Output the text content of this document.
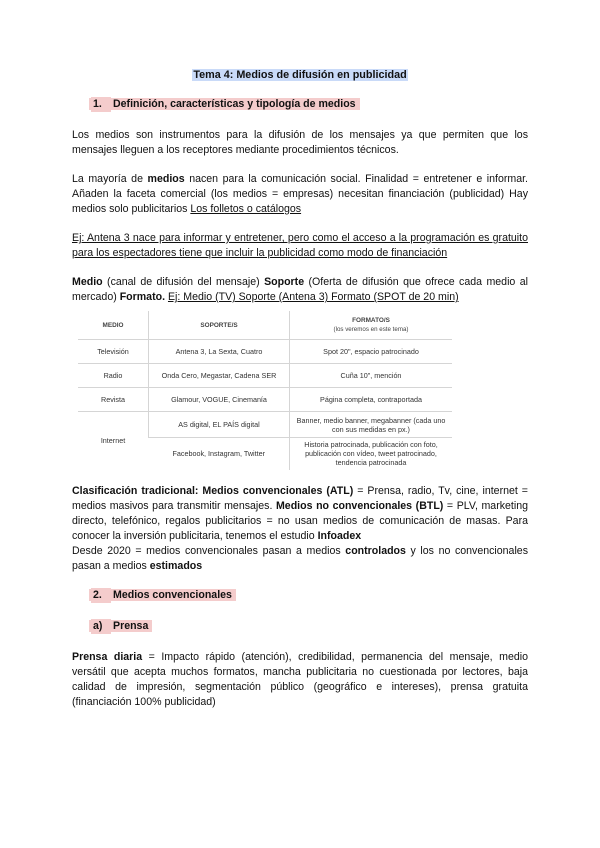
Tema 4: Medios de difusión en publicidad
1. Definición, características y tipología de medios

Los medios son instrumentos para la difusión de los mensajes ya que permiten que los mensajes lleguen a los receptores mediante procedimientos técnicos.

La mayoría de medios nacen para la comunicación social. Finalidad = entretener e informar. Añaden la faceta comercial (los medios = empresas) necesitan financiación (publicidad) Hay medios solo publicitarios Los folletos o catálogos

Ej: Antena 3 nace para informar y entretener, pero como el acceso a la programación es gratuito para los espectadores tiene que incluir la publicidad como modo de financiación

Medio (canal de difusión del mensaje) Soporte (Oferta de difusión que ofrece cada medio al mercado) Formato. Ej: Medio (TV) Soporte (Antena 3) Formato (SPOT de 20 min)

MEDIO	SOPORTE/S	FORMATO/S
(los veremos en este tema)

Televisión	Antena 3, La Sexta, Cuatro	Spot 20", espacio patrocinado
Radio	Onda Cero, Megastar, Cadena SER	Cuña 10", mención
Revista	Glamour, VOGUE, Cinemanía	Página completa, contraportada
Internet	AS digital, EL PAÍS digital	Banner, medio banner, megabanner (cada uno con sus medidas en px.)
	Facebook, Instagram, Twitter	Historia patrocinada, publicación con foto, publicación con vídeo, tweet patrocinado, tendencia patrocinada

Clasificación tradicional: Medios convencionales (ATL) = Prensa, radio, Tv, cine, internet = medios masivos para transmitir mensajes. Medios no convencionales (BTL) = PLV, marketing directo, telefónico, regalos publicitarios = no usan medios de comunicación de masas. Para conocer la inversión publicitaria, tenemos el estudio Infoadex

Desde 2020 = medios convencionales pasan a medios controlados y los no convencionales pasan a medios estimados

2. Medios convencionales
a) Prensa

Prensa diaria = Impacto rápido (atención), credibilidad, permanencia del mensaje, medio versátil que acepta muchos formatos, mancha publicitaria no cuestionada por lectores, baja calidad de impresión, segmentación público (geográfico e intereses), prensa gratuita (financiación 100% publicidad)
